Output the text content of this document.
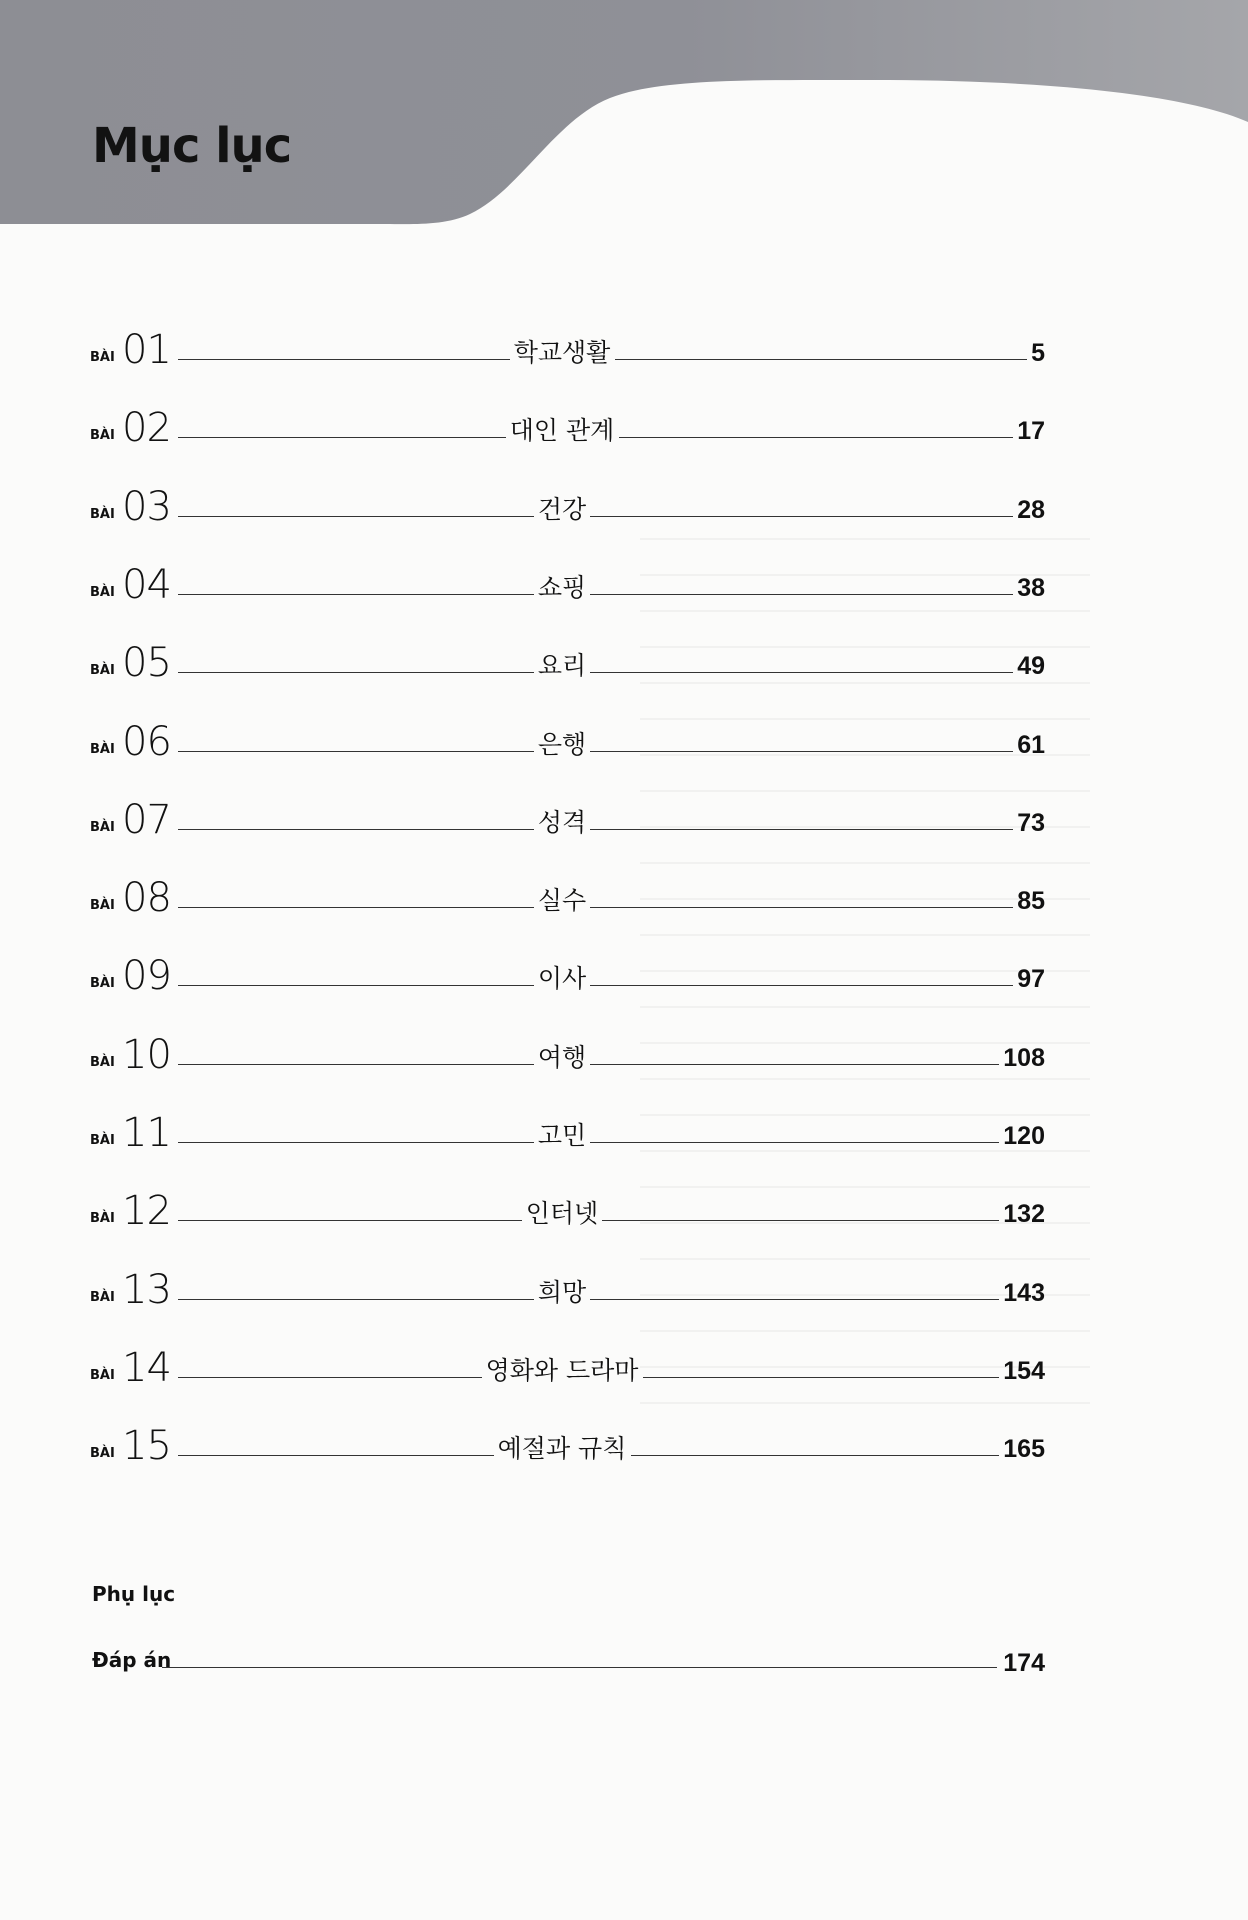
Mục lục
BÀI 01	학교생활	5
BÀI 02	대인 관계	17
BÀI 03	건강	28
BÀI 04	쇼핑	38
BÀI 05	요리	49
BÀI 06	은행	61
BÀI 07	성격	73
BÀI 08	실수	85
BÀI 09	이사	97
BÀI 10	여행	108
BÀI 11	고민	120
BÀI 12	인터넷	132
BÀI 13	희망	143
BÀI 14	영화와 드라마	154
BÀI 15	예절과 규칙	165
Phụ lục
Đáp án	174
